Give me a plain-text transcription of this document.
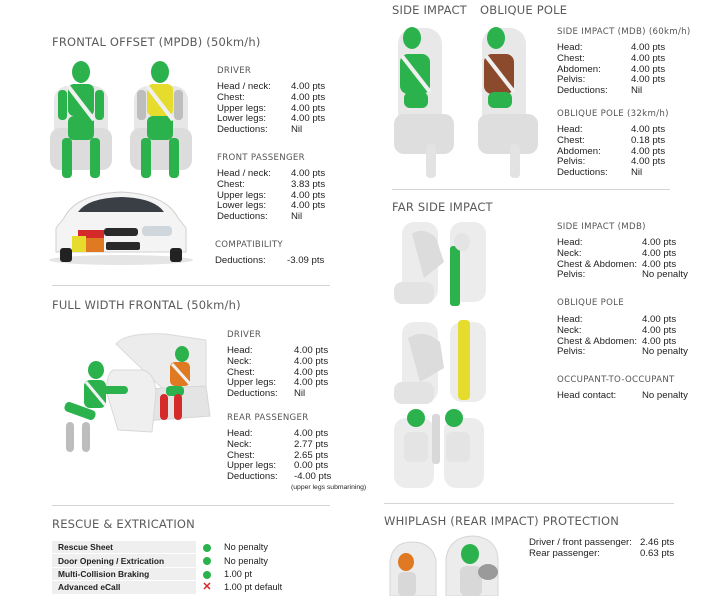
FRONTAL OFFSET (MPDB) (50km/h)
DRIVER
Head / neck: 4.00 pts
Chest:	4.00 pts
Upper legs:	4.00 pts
Lower legs:	4.00 pts
Deductions: Nil
FRONT PASSENGER
Head / neck: 4.00 pts
Chest:	3.83 pts
Upper legs:	4.00 pts
Lower legs:	4.00 pts
Deductions: Nil
COMPATIBILITY
Deductions: -3.09 pts
FULL WIDTH FRONTAL (50km/h)
DRIVER
Head:	4.00 pts
Neck:	4.00 pts
Chest:	4.00 pts
Upper legs: 4.00 pts
Deductions: Nil
REAR PASSENGER
Head:	4.00 pts
Neck:	2.77 pts
Chest:	2.65 pts
Upper legs: 0.00 pts
Deductions: -4.00 pts
(upper legs submarining)
RESCUE & EXTRICATION
Rescue Sheet		No penalty
Door Opening / Extrication		No penalty
Multi-Collision Braking		1.00 pt
Advanced eCall	✕	1.00 pt default
SIDE IMPACT OBLIQUE POLE
SIDE IMPACT (MDB) (60km/h)
Head:	4.00 pts
Chest:	4.00 pts
Abdomen:	4.00 pts
Pelvis:	4.00 pts
Deductions: Nil
OBLIQUE POLE (32km/h)
Head:	4.00 pts
Chest:	0.18 pts
Abdomen:	4.00 pts
Pelvis:	4.00 pts
Deductions: Nil
FAR SIDE IMPACT
SIDE IMPACT (MDB)
Head:	4.00 pts
Neck:	4.00 pts
Chest & Abdomen: 4.00 pts
Pelvis:	No penalty
OBLIQUE POLE
Head:	4.00 pts
Neck:	4.00 pts
Chest & Abdomen: 4.00 pts
Pelvis:	No penalty
OCCUPANT-TO-OCCUPANT
Head contact:	No penalty
WHIPLASH (REAR IMPACT) PROTECTION
Driver / front passenger: 2.46 pts
Rear passenger:	0.63 pts
